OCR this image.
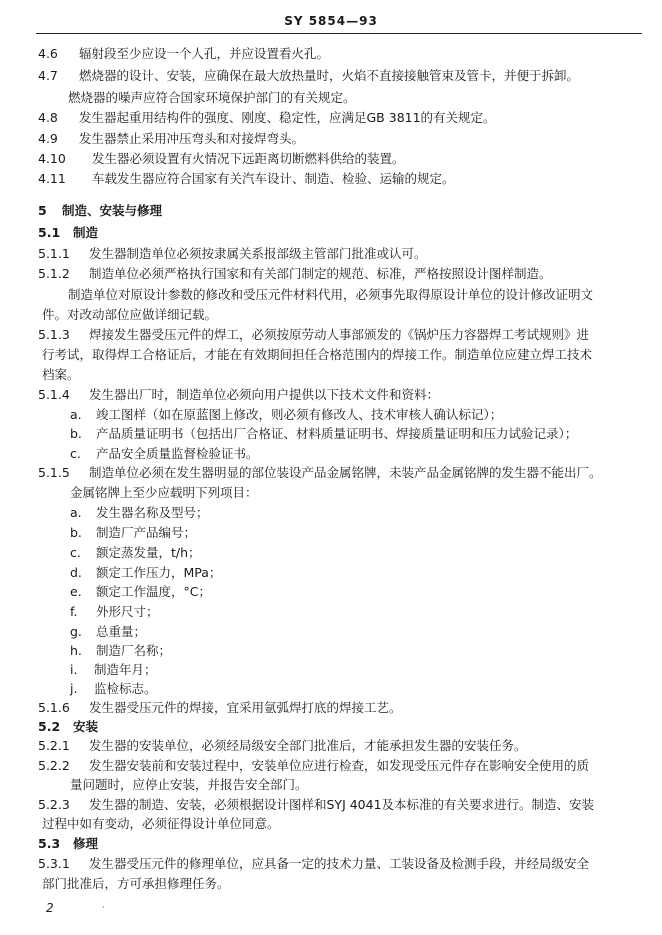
SY 5854—93
4.6 辐射段至少应设一个人孔，并应设置看火孔。
4.7 燃烧器的设计、安装，应确保在最大放热量时，火焰不直接接触管束及管卡，并便于拆卸。
燃烧器的噪声应符合国家环境保护部门的有关规定。
4.8 发生器起重用结构件的强度、刚度、稳定性，应满足GB 3811的有关规定。
4.9 发生器禁止采用冲压弯头和对接焊弯头。
4.10 发生器必须设置有火情况下远距离切断燃料供给的装置。
4.11 车载发生器应符合国家有关汽车设计、制造、检验、运输的规定。
5 制造、安装与修理
5.1 制造
5.1.1 发生器制造单位必须按隶属关系报部级主管部门批准或认可。
5.1.2 制造单位必须严格执行国家和有关部门制定的规范、标准，严格按照设计图样制造。
制造单位对原设计参数的修改和受压元件材料代用，必须事先取得原设计单位的设计修改证明文
件。对改动部位应做详细记载。
5.1.3 焊接发生器受压元件的焊工，必须按原劳动人事部颁发的《锅炉压力容器焊工考试规则》进
行考试，取得焊工合格证后，才能在有效期间担任合格范围内的焊接工作。制造单位应建立焊工技术
档案。
5.1.4 发生器出厂时，制造单位必须向用户提供以下技术文件和资料：
a. 竣工图样（如在原蓝图上修改，则必须有修改人、技术审核人确认标记）；
b. 产品质量证明书（包括出厂合格证、材料质量证明书、焊接质量证明和压力试验记录）；
c. 产品安全质量监督检验证书。
5.1.5 制造单位必须在发生器明显的部位装设产品金属铭牌，未装产品金属铭牌的发生器不能出厂。
金属铭牌上至少应载明下列项目：
a. 发生器名称及型号；
b. 制造厂产品编号；
c. 额定蒸发量，t/h；
d. 额定工作压力，MPa；
e. 额定工作温度，°C；
f. 外形尺寸；
g. 总重量；
h. 制造厂名称；
i. 制造年月；
j. 监检标志。
5.1.6 发生器受压元件的焊接，宜采用氩弧焊打底的焊接工艺。
5.2 安装
5.2.1 发生器的安装单位，必须经局级安全部门批准后，才能承担发生器的安装任务。
5.2.2 发生器安装前和安装过程中，安装单位应进行检查，如发现受压元件存在影响安全使用的质
量问题时，应停止安装，并报告安全部门。
5.2.3 发生器的制造、安装，必须根据设计图样和SYJ 4041及本标准的有关要求进行。制造、安装
过程中如有变动，必须征得设计单位同意。
5.3 修理
5.3.1 发生器受压元件的修理单位，应具备一定的技术力量、工装设备及检测手段，并经局级安全
部门批准后，方可承担修理任务。
2	·
